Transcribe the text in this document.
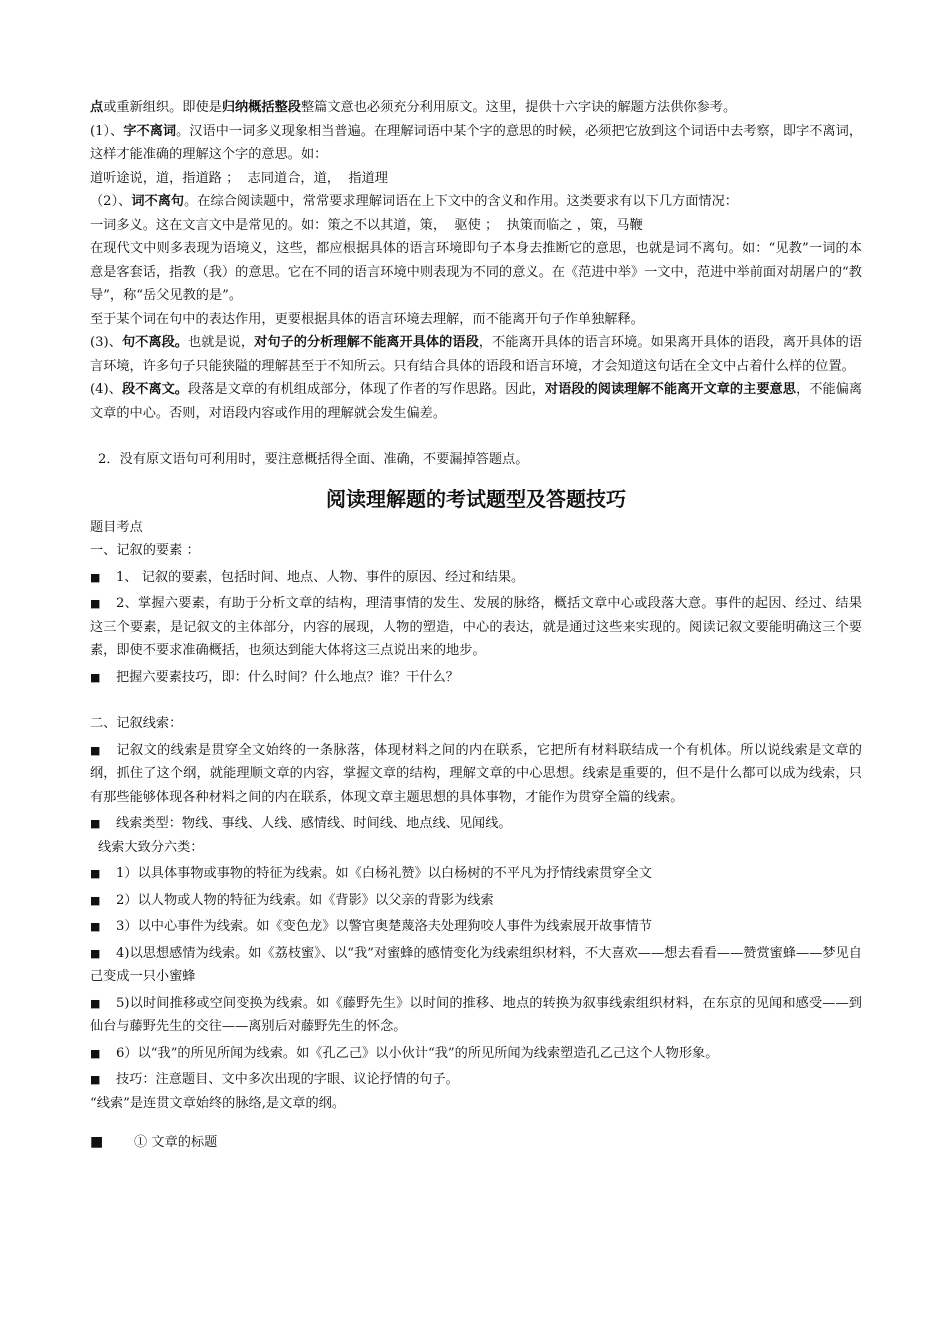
点或重新组织。即使是归纳概括整段整篇文意也必须充分利用原文。这里，提供十六字诀的解题方法供你参考。

(1）、字不离词。汉语中一词多义现象相当普遍。在理解词语中某个字的意思的时候，必须把它放到这个词语中去考察，即字不离词，这样才能准确的理解这个字的意思。如：

道听途说，道，指道路 ；  志同道合，道，  指道理

（2）、词不离句。在综合阅读题中，常常要求理解词语在上下文中的含义和作用。这类要求有以下几方面情况：

一词多义。这在文言文中是常见的。如：策之不以其道，策，  驱使 ；  执策而临之 ，策，马鞭

在现代文中则多表现为语境义，这些，都应根据具体的语言环境即句子本身去推断它的意思，也就是词不离句。如：“见教”一词的本意是客套话，指教（我）的意思。它在不同的语言环境中则表现为不同的意义。在《范进中举》一文中，范进中举前面对胡屠户的“教导”，称“岳父见教的是”。

至于某个词在句中的表达作用，更要根据具体的语言环境去理解，而不能离开句子作单独解释。

(3)、句不离段。也就是说，对句子的分析理解不能离开具体的语段，不能离开具体的语言环境。如果离开具体的语段，离开具体的语言环境，许多句子只能狭隘的理解甚至于不知所云。只有结合具体的语段和语言环境，才会知道这句话在全文中占着什么样的位置。

(4)、段不离文。段落是文章的有机组成部分，体现了作者的写作思路。因此，对语段的阅读理解不能离开文章的主要意思，不能偏离文章的中心。否则，对语段内容或作用的理解就会发生偏差。

2．没有原文语句可利用时，要注意概括得全面、准确，不要漏掉答题点。

阅读理解题的考试题型及答题技巧

题目考点

一、记叙的要素 ：

■	1、 记叙的要素，包括时间、地点、人物、事件的原因、经过和结果。
■ 2、掌握六要素，有助于分析文章的结构，理清事情的发生、发展的脉络，概括文章中心或段落大意。事件的起因、经过、结果这三个要素，是记叙文的主体部分，内容的展现，人物的塑造，中心的表达，就是通过这些来实现的。阅读记叙文要能明确这三个要素，即使不要求准确概括，也须达到能大体将这三点说出来的地步。
■	把握六要素技巧，即：什么时间？什么地点？谁？干什么？

二、记叙线索：

■ 记叙文的线索是贯穿全文始终的一条脉落，体现材料之间的内在联系，它把所有材料联结成一个有机体。所以说线索是文章的纲，抓住了这个纲，就能理顺文章的内容，掌握文章的结构，理解文章的中心思想。线索是重要的，但不是什么都可以成为线索，只有那些能够体现各种材料之间的内在联系，体现文章主题思想的具体事物，才能作为贯穿全篇的线索。
■	线索类型：物线、事线、人线、感情线、时间线、地点线、见闻线。

线索大致分六类：

■	1）以具体事物或事物的特征为线索。如《白杨礼赞》以白杨树的不平凡为抒情线索贯穿全文
■	2）以人物或人物的特征为线索。如《背影》以父亲的背影为线索
■	3）以中心事件为线索。如《变色龙》以警官奥楚蔑洛夫处理狗咬人事件为线索展开故事情节
■ 4)以思想感情为线索。如《荔枝蜜》、以“我”对蜜蜂的感情变化为线索组织材料，不大喜欢——想去看看——赞赏蜜蜂——梦见自己变成一只小蜜蜂
■ 5)以时间推移或空间变换为线索。如《藤野先生》以时间的推移、地点的转换为叙事线索组织材料，在东京的见闻和感受——到仙台与藤野先生的交往——离别后对藤野先生的怀念。
■	6）以“我”的所见所闻为线索。如《孔乙己》以小伙计“我”的所见所闻为线索塑造孔乙己这个人物形象。
■	技巧：注意题目、文中多次出现的字眼、议论抒情的句子。

“线索”是连贯文章始终的脉络,是文章的纲。

■	① 文章的标题
